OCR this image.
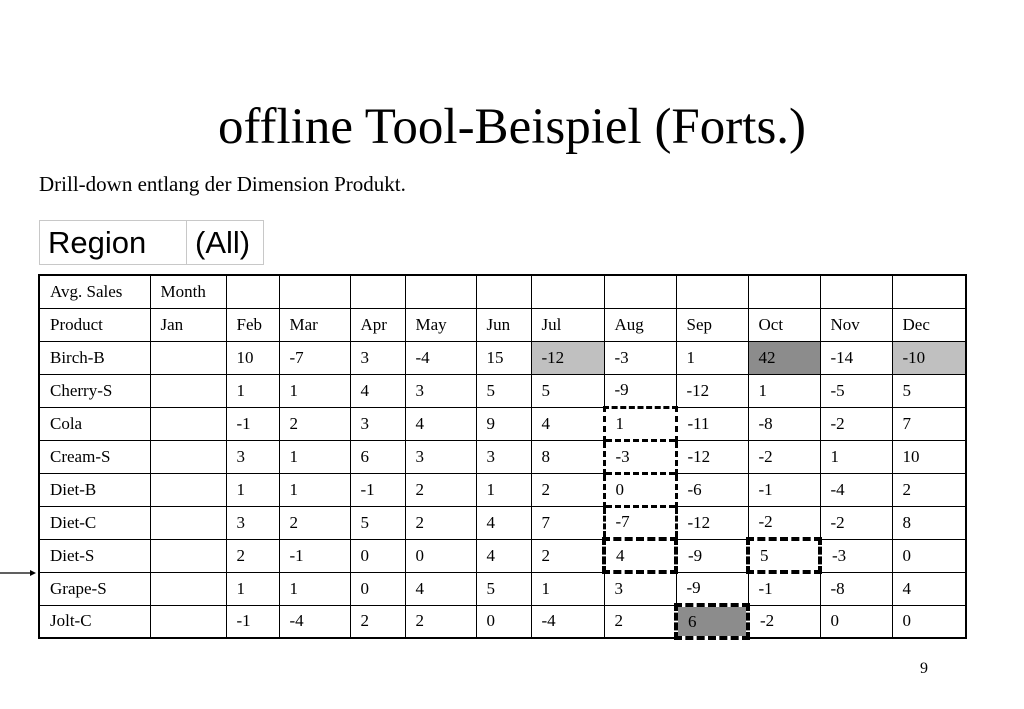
offline Tool-Beispiel (Forts.)
Drill-down entlang der Dimension Produkt.
Region	(All)
Avg. Sales	Month											
Product	Jan	Feb	Mar	Apr	May	Jun	Jul	Aug	Sep	Oct	Nov	Dec
Birch-B		10	-7	3	-4	15	-12	-3	1	42	-14	-10
Cherry-S		1	1	4	3	5	5	-9	-12	1	-5	5
Cola		-1	2	3	4	9	4	1	-11	-8	-2	7
Cream-S		3	1	6	3	3	8	-3	-12	-2	1	10
Diet-B		1	1	-1	2	1	2	0	-6	-1	-4	2
Diet-C		3	2	5	2	4	7	-7	-12	-2	-2	8
Diet-S		2	-1	0	0	4	2	4	-9	5	-3	0
Grape-S		1	1	0	4	5	1	3	-9	-1	-8	4
Jolt-C		-1	-4	2	2	0	-4	2	6	-2	0	0
9
